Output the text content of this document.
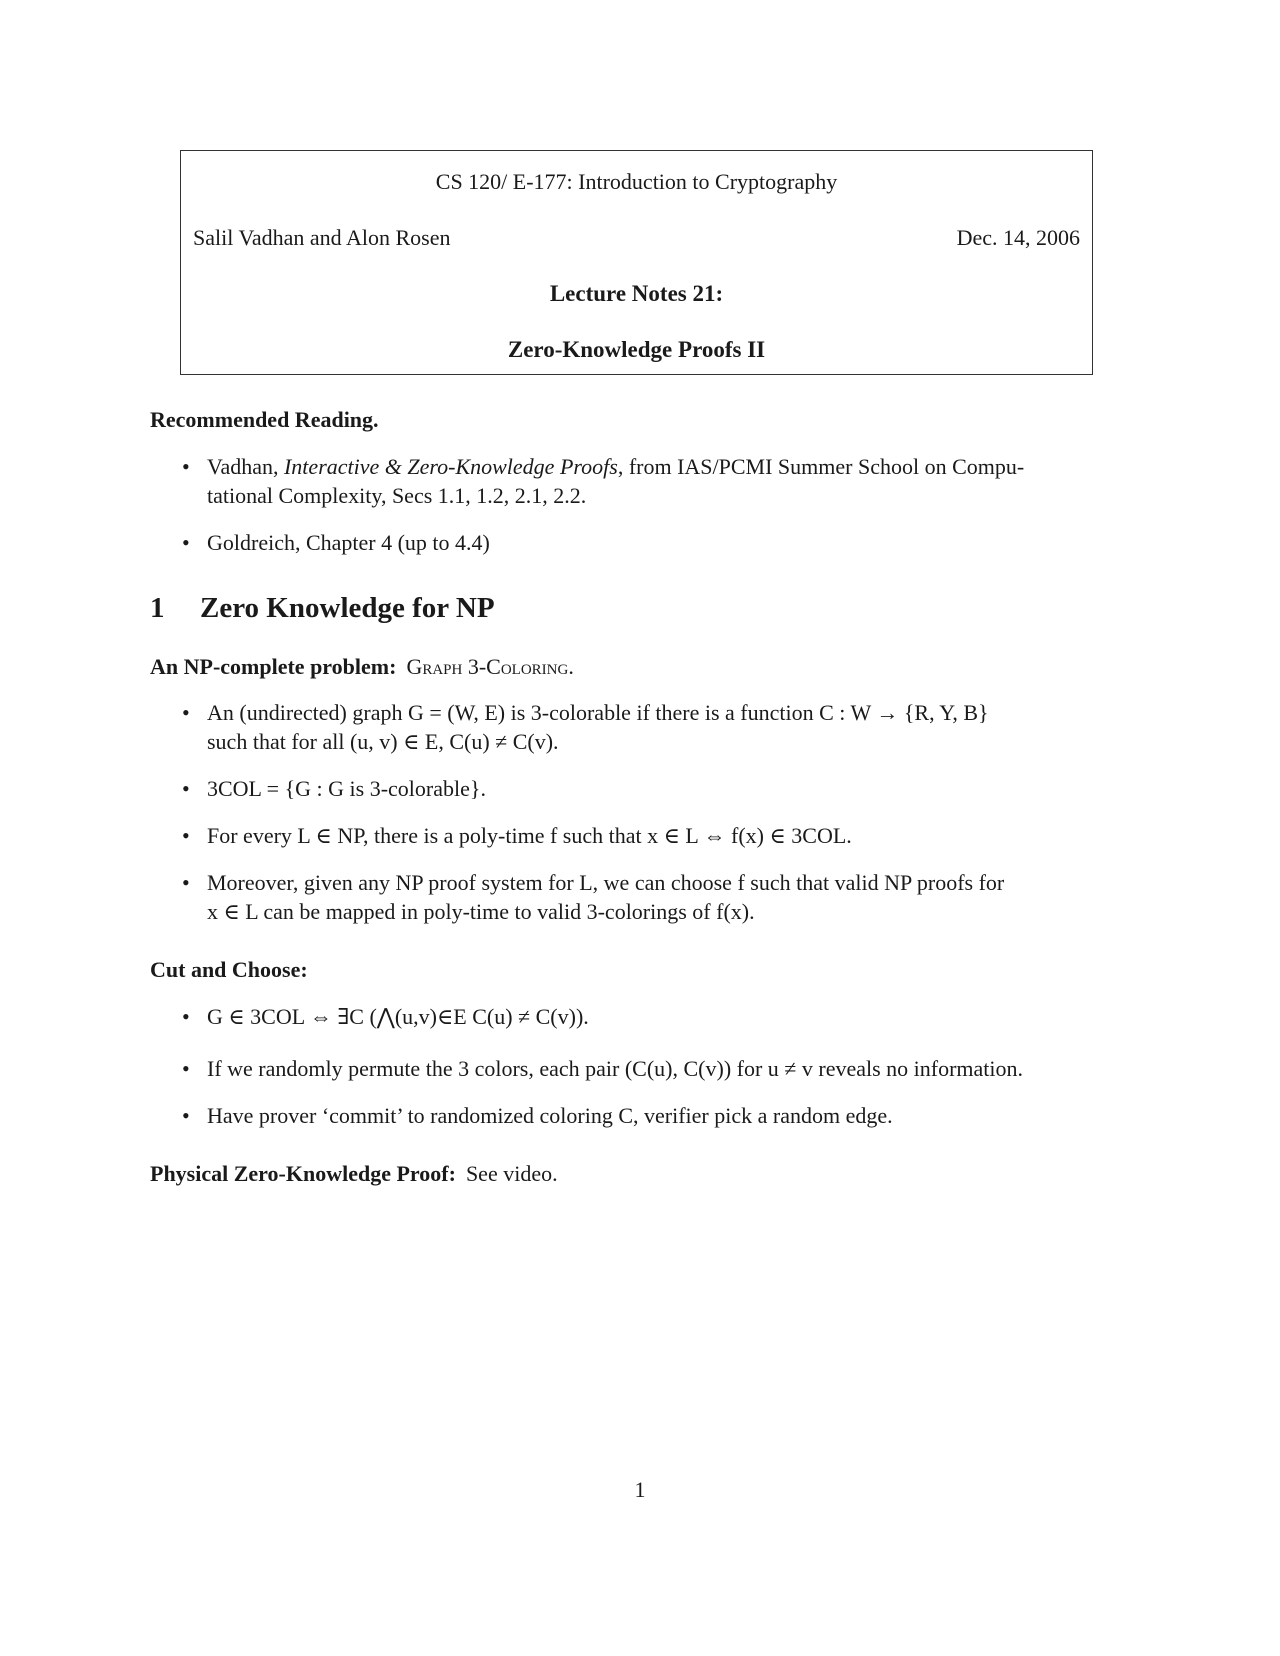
CS 120/ E-177: Introduction to Cryptography
Salil Vadhan and Alon Rosen	Dec. 14, 2006
Lecture Notes 21:
Zero-Knowledge Proofs II
Recommended Reading.
• Vadhan, Interactive & Zero-Knowledge Proofs, from IAS/PCMI Summer School on Compu-
tational Complexity, Secs 1.1, 1.2, 2.1, 2.2.
• Goldreich, Chapter 4 (up to 4.4)
1 Zero Knowledge for NP
An NP-complete problem: Graph 3-Coloring.
• An (undirected) graph G = (W, E) is 3-colorable if there is a function C : W → {R, Y, B}
such that for all (u, v) ∈ E, C(u) ≠ C(v).
• 3COL = {G : G is 3-colorable}.
• For every L ∈ NP, there is a poly-time f such that x ∈ L ⇔ f(x) ∈ 3COL.
• Moreover, given any NP proof system for L, we can choose f such that valid NP proofs for
x ∈ L can be mapped in poly-time to valid 3-colorings of f(x).
Cut and Choose:
• G ∈ 3COL ⇔ ∃C (⋀(u,v)∈E C(u) ≠ C(v)).
• If we randomly permute the 3 colors, each pair (C(u), C(v)) for u ≠ v reveals no information.
• Have prover ‘commit’ to randomized coloring C, verifier pick a random edge.
Physical Zero-Knowledge Proof: See video.
1
